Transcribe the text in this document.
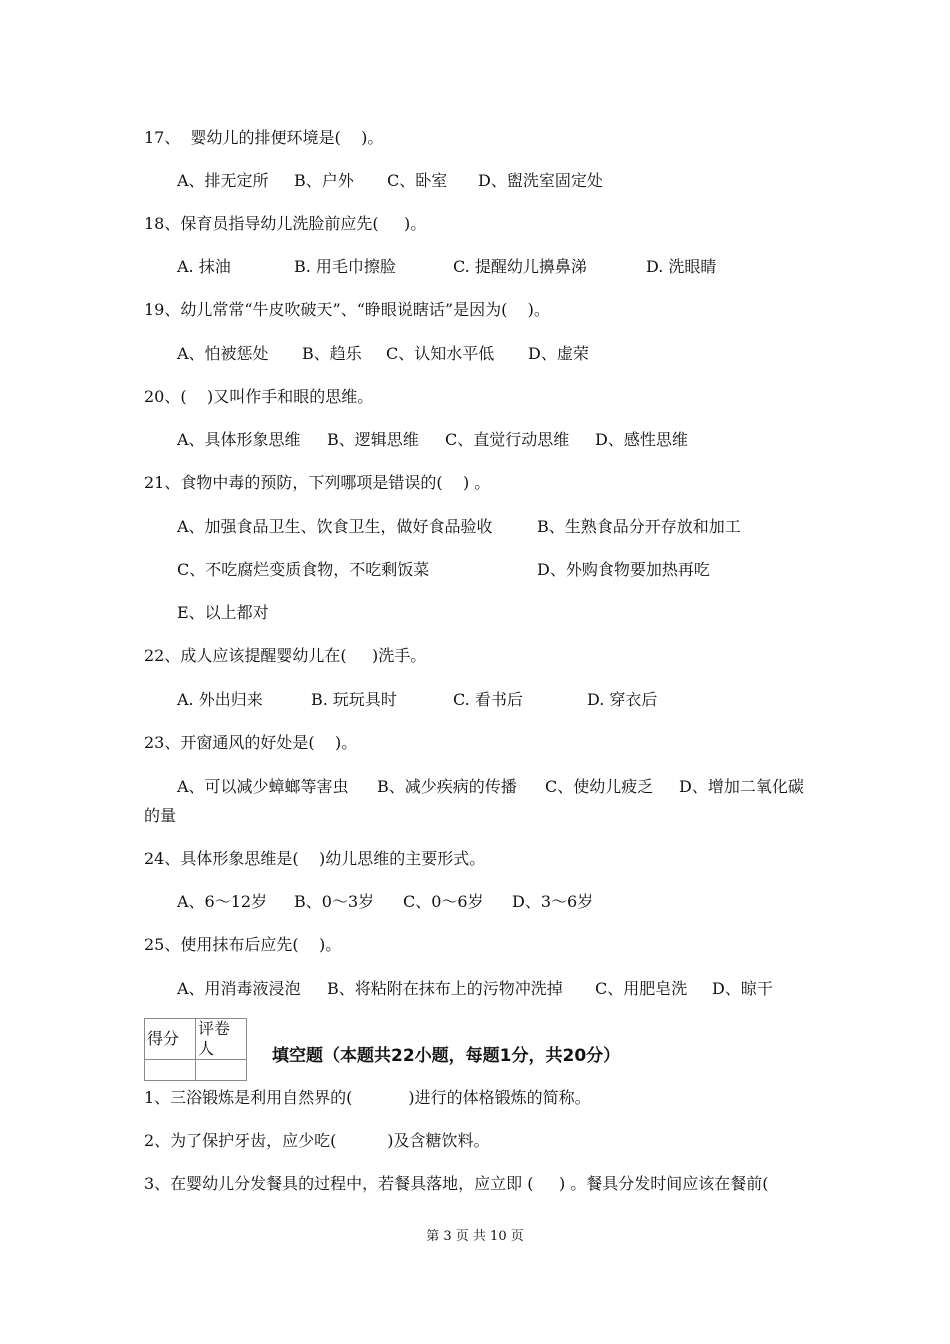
17、  婴幼儿的排便环境是(    )。
A、排无定所 B、户外 C、卧室 D、盥洗室固定处
18、保育员指导幼儿洗脸前应先(     )。
A. 抹油	B. 用毛巾擦脸	C. 提醒幼儿擤鼻涕	D. 洗眼睛
19、幼儿常常“牛皮吹破天”、“睁眼说瞎话”是因为(    )。
A、怕被惩处 B、趋乐 C、认知水平低 D、虚荣
20、(    )又叫作手和眼的思维。
A、具体形象思维 B、逻辑思维 C、直觉行动思维 D、感性思维
21、食物中毒的预防，下列哪项是错误的(    ) 。
A、加强食品卫生、饮食卫生，做好食品验收	B、生熟食品分开存放和加工
C、不吃腐烂变质食物，不吃剩饭菜	D、外购食物要加热再吃
E、以上都对
22、成人应该提醒婴幼儿在(     )洗手。
A. 外出归来	B. 玩玩具时	C. 看书后	D. 穿衣后
23、开窗通风的好处是(    )。
A、可以减少蟑螂等害虫 B、减少疾病的传播 C、使幼儿疲乏 D、增加二氧化碳
的量
24、具体形象思维是(    )幼儿思维的主要形式。
A、6～12岁 B、0～3岁 C、0～6岁 D、3～6岁
25、使用抹布后应先(    )。
A、用消毒液浸泡 B、将粘附在抹布上的污物冲洗掉 C、用肥皂洗 D、晾干
得分	评卷人
		填空题（本题共22小题，每题1分，共20分）
1、三浴锻炼是利用自然界的(           )进行的体格锻炼的简称。
2、为了保护牙齿，应少吃(          )及含糖饮料。
3、在婴幼儿分发餐具的过程中，若餐具落地，应立即 (     ) 。餐具分发时间应该在餐前(
第 3 页 共 10 页
